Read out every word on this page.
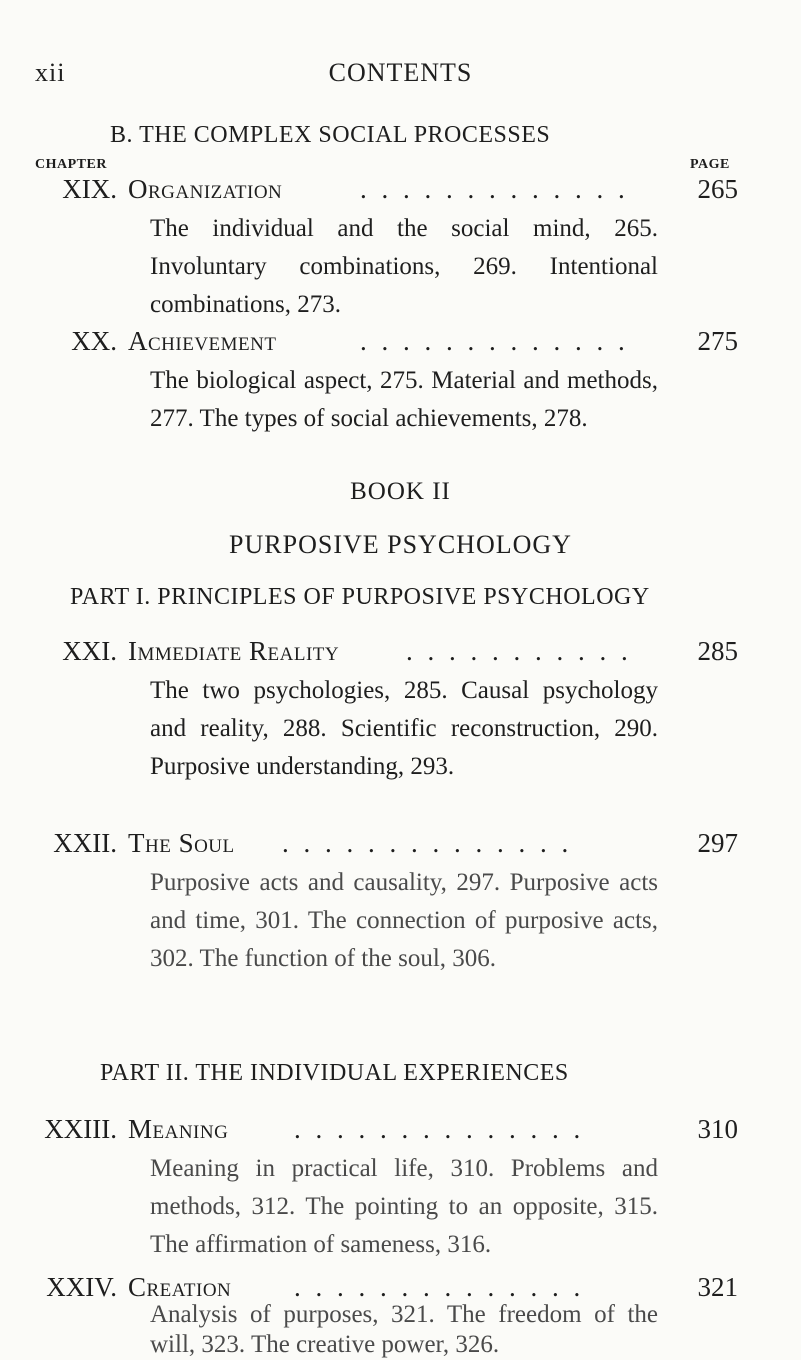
xii	CONTENTS
B. THE COMPLEX SOCIAL PROCESSES
CHAPTER	PAGE
XIX. Organization	. . . . . . . . . . . . .	265
The individual and the social mind, 265. Involuntary combinations, 269. Intentional combinations, 273.
XX. Achievement	. . . . . . . . . . . . .	275
The biological aspect, 275. Material and methods, 277. The types of social achievements, 278.
BOOK II
PURPOSIVE PSYCHOLOGY
PART I. PRINCIPLES OF PURPOSIVE PSYCHOLOGY
XXI. Immediate Reality . . . . . . . . . . .	285
The two psychologies, 285. Causal psychology and reality, 288. Scientific reconstruction, 290. Purposive understanding, 293.
XXII. The Soul . . . . . . . . . . . . . .	297
Purposive acts and causality, 297. Purposive acts and time, 301. The connection of purposive acts, 302. The function of the soul, 306.
PART II. THE INDIVIDUAL EXPERIENCES
XXIII. Meaning . . . . . . . . . . . . . .	310
Meaning in practical life, 310. Problems and methods, 312. The pointing to an opposite, 315. The affirmation of sameness, 316.
XXIV. Creation . . . . . . . . . . . . . .	321
Analysis of purposes, 321. The freedom of the will, 323. The creative power, 326.
